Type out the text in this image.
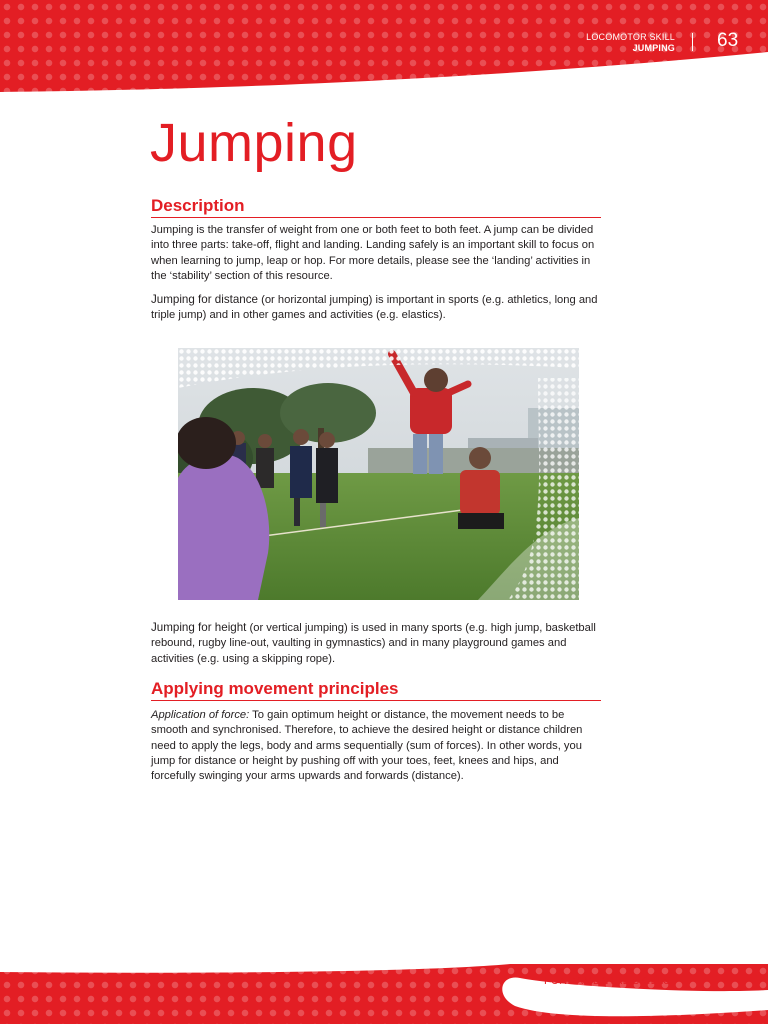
LOCOMOTOR SKILL
JUMPING 63
Jumping
Description

Jumping is the transfer of weight from one or both feet to both feet. A jump can be divided into three parts: take-off, flight and landing. Landing safely is an important skill to focus on when learning to jump, leap or hop. For more details, please see the ‘landing’ activities in the ‘stability’ section of this resource.

Jumping for distance (or horizontal jumping) is important in sports (e.g. athletics, long and triple jump) and in other games and activities (e.g. elastics).

Jumping for height (or vertical jumping) is used in many sports (e.g. high jump, basketball rebound, rugby line-out, vaulting in gymnastics) and in many playground games and activities (e.g. using a skipping rope).

Applying movement principles

Application of force: To gain optimum height or distance, the movement needs to be smooth and synchronised. Therefore, to achieve the desired height or distance children need to apply the legs, body and arms sequentially (sum of forces). In other words, you jump for distance or height by pushing off with your toes, feet, knees and hips, and forcefully swinging your arms upwards and forwards (distance).

FUNDAMENTAL SKILLS
